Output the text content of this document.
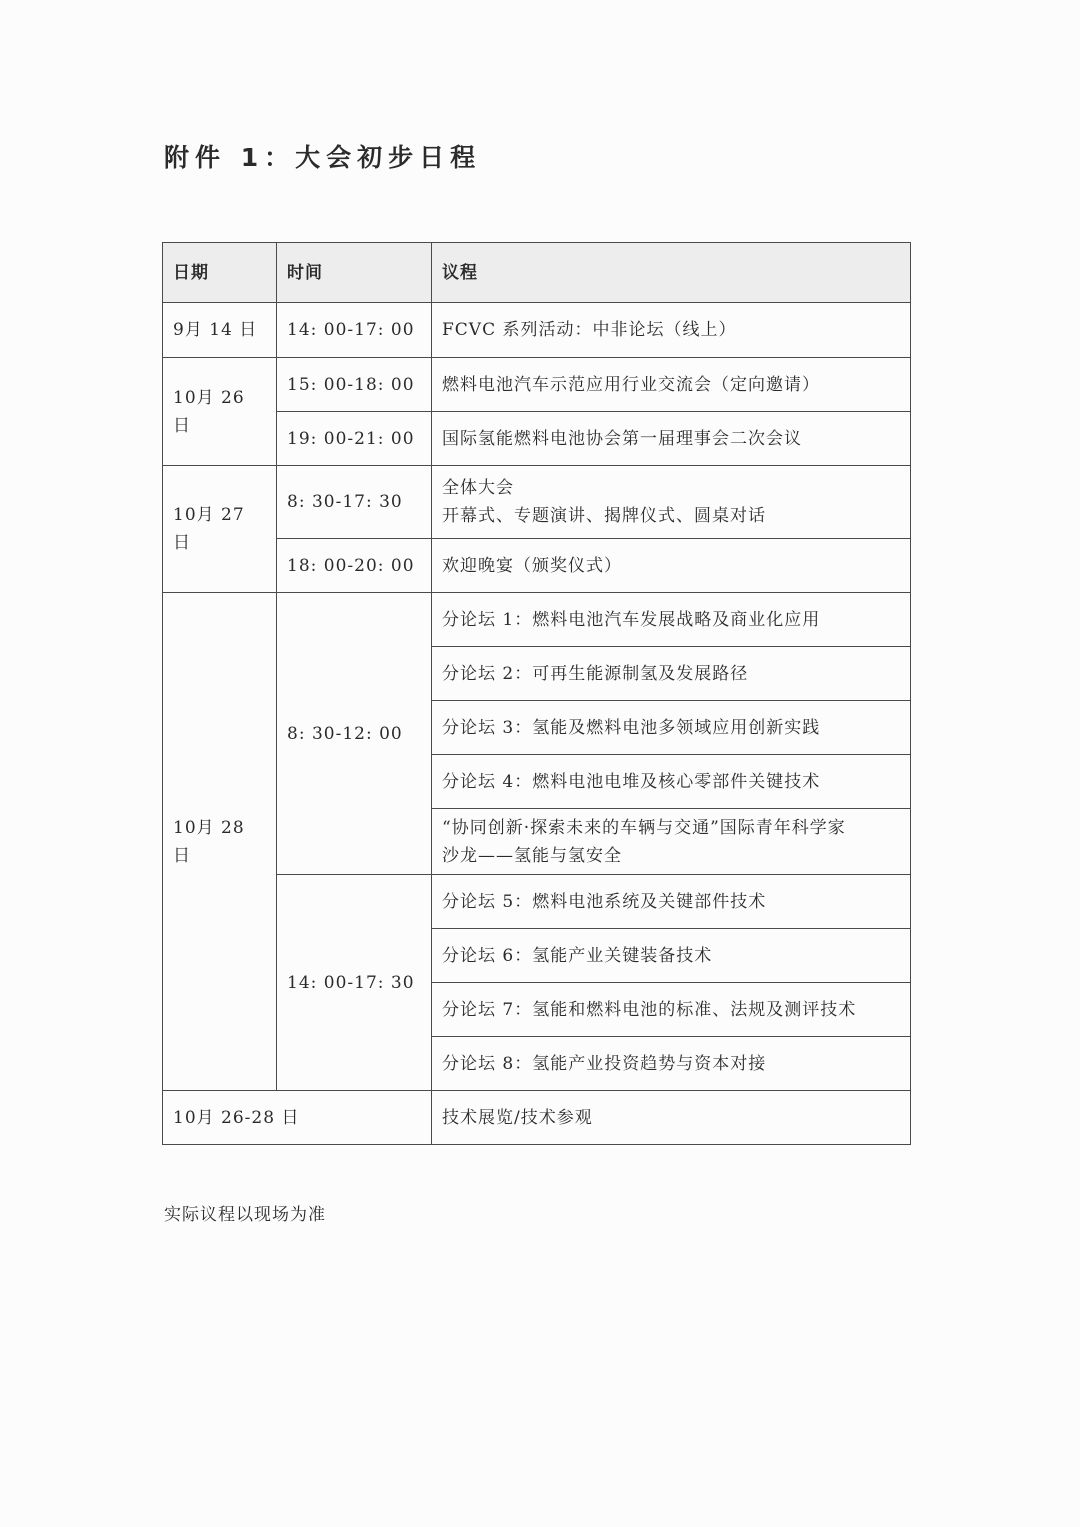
附件 1：大会初步日程
日期	时间	议程
9月 14 日	14: 00-17: 00	FCVC 系列活动：中非论坛（线上）
10月 26 日	15: 00-18: 00	燃料电池汽车示范应用行业交流会（定向邀请）
	19: 00-21: 00	国际氢能燃料电池协会第一届理事会二次会议
10月 27 日	8: 30-17: 30	全体大会
开幕式、专题演讲、揭牌仪式、圆桌对话

	18: 00-20: 00	欢迎晚宴（颁奖仪式）
10月 28 日	8: 30-12: 00	分论坛 1：燃料电池汽车发展战略及商业化应用
		分论坛 2：可再生能源制氢及发展路径
		分论坛 3：氢能及燃料电池多领域应用创新实践
		分论坛 4：燃料电池电堆及核心零部件关键技术

		“协同创新·探索未来的车辆与交通”国际青年科学家
沙龙——氢能与氢安全

	14: 00-17: 30	分论坛 5：燃料电池系统及关键部件技术
		分论坛 6：氢能产业关键装备技术
		分论坛 7：氢能和燃料电池的标准、法规及测评技术
		分论坛 8：氢能产业投资趋势与资本对接
10月 26-28 日		技术展览/技术参观
实际议程以现场为准
